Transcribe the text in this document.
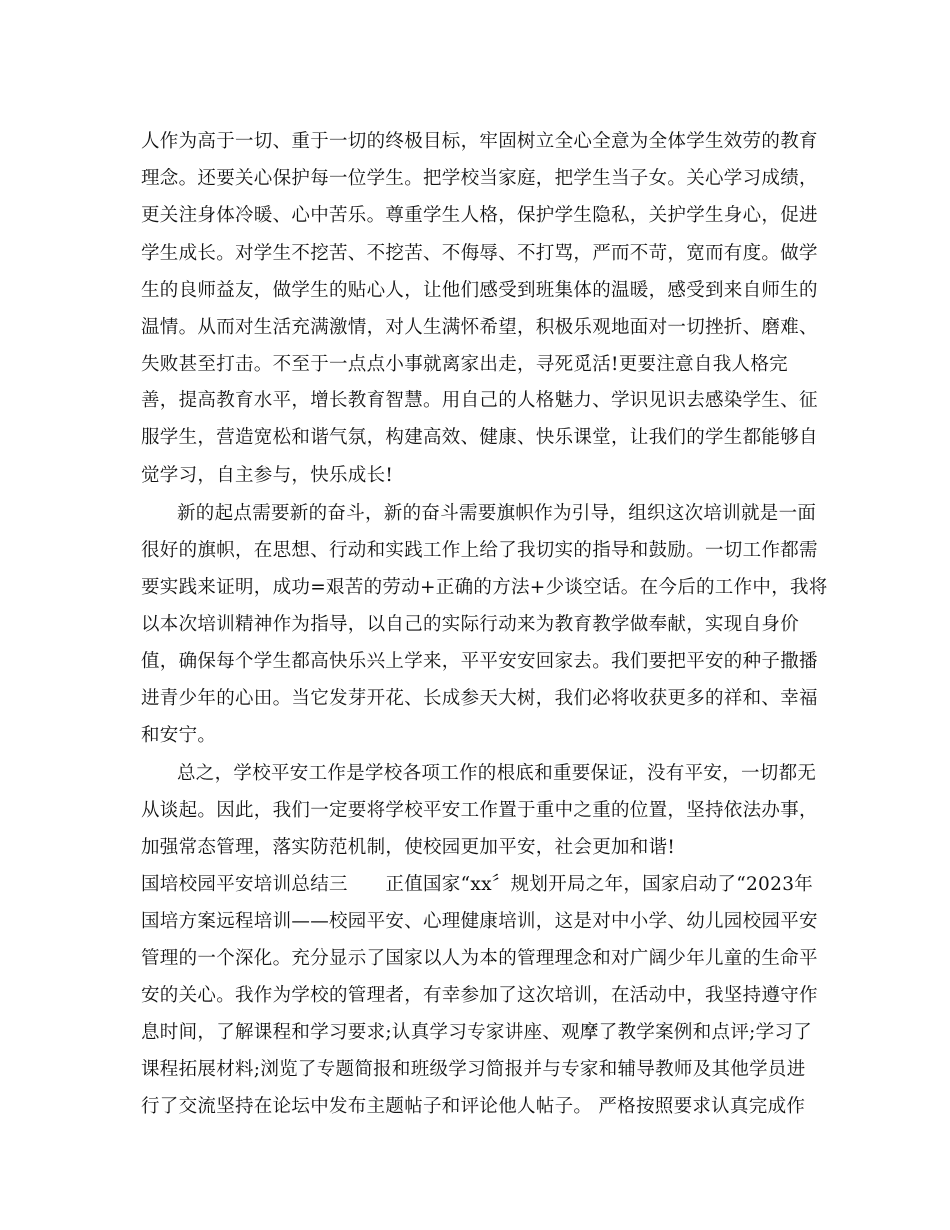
人作为高于一切、重于一切的终极目标，牢固树立全心全意为全体学生效劳的教育
理念。还要关心保护每一位学生。把学校当家庭，把学生当子女。关心学习成绩，
更关注身体冷暖、心中苦乐。尊重学生人格，保护学生隐私，关护学生身心，促进
学生成长。对学生不挖苦、不挖苦、不侮辱、不打骂，严而不苛，宽而有度。做学
生的良师益友，做学生的贴心人，让他们感受到班集体的温暖，感受到来自师生的
温情。从而对生活充满激情，对人生满怀希望，积极乐观地面对一切挫折、磨难、
失败甚至打击。不至于一点点小事就离家出走，寻死觅活!更要注意自我人格完
善，提高教育水平，增长教育智慧。用自己的人格魅力、学识见识去感染学生、征
服学生，营造宽松和谐气氛，构建高效、健康、快乐课堂，让我们的学生都能够自
觉学习，自主参与，快乐成长!
新的起点需要新的奋斗，新的奋斗需要旗帜作为引导，组织这次培训就是一面
很好的旗帜，在思想、行动和实践工作上给了我切实的指导和鼓励。一切工作都需
要实践来证明，成功=艰苦的劳动+正确的方法+少谈空话。在今后的工作中，我将
以本次培训精神作为指导，以自己的实际行动来为教育教学做奉献，实现自身价
值，确保每个学生都高快乐兴上学来，平平安安回家去。我们要把平安的种子撒播
进青少年的心田。当它发芽开花、长成参天大树，我们必将收获更多的祥和、幸福
和安宁。
总之，学校平安工作是学校各项工作的根底和重要保证，没有平安，一切都无
从谈起。因此，我们一定要将学校平安工作置于重中之重的位置，坚持依法办事，
加强常态管理，落实防范机制，使校园更加平安，社会更加和谐!
国培校园平安培训总结三　　正值国家“xx〞规划开局之年，国家启动了“2023年
国培方案远程培训——校园平安、心理健康培训，这是对中小学、幼儿园校园平安
管理的一个深化。充分显示了国家以人为本的管理理念和对广阔少年儿童的生命平
安的关心。我作为学校的管理者，有幸参加了这次培训，在活动中，我坚持遵守作
息时间，了解课程和学习要求;认真学习专家讲座、观摩了教学案例和点评;学习了
课程拓展材料;浏览了专题简报和班级学习简报并与专家和辅导教师及其他学员进
行了交流坚持在论坛中发布主题帖子和评论他人帖子。 严格按照要求认真完成作
